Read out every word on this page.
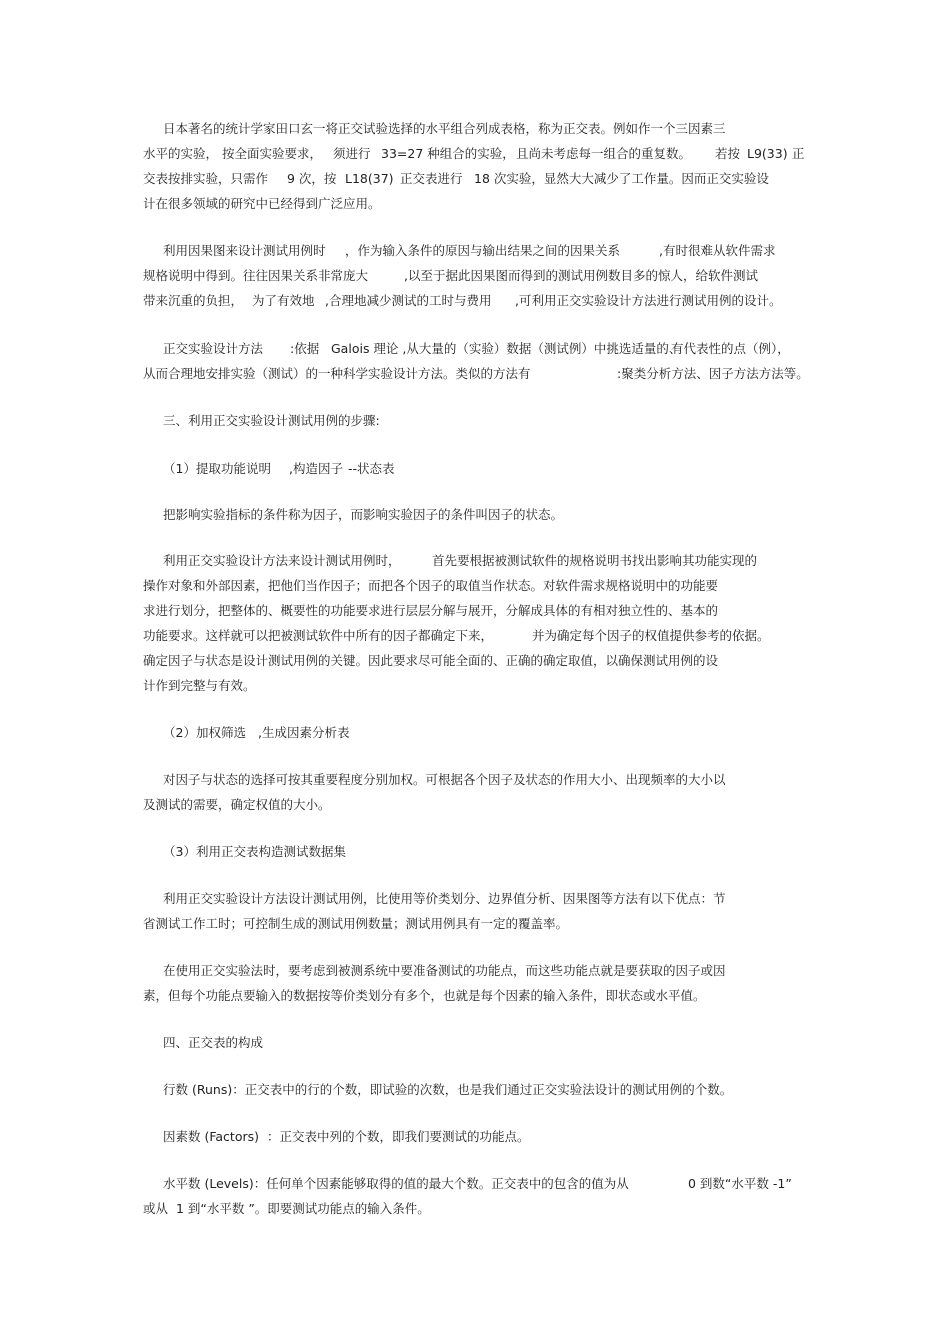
日本著名的统计学家田口玄一将正交试验选择的水平组合列成表格，称为正交表。例如作一个三因素三
水平的实验， 按全面实验要求， 须进行 33=27 种组合的实验， 且尚未考虑每一组合的重复数。 若按 L9(33) 正
交表按排实验，只需作 9 次，按 L18(37) 正交表进行 18 次实验，显然大大减少了工作量。因而正交实验设
计在很多领域的研究中已经得到广泛应用。
利用因果图来设计测试用例时 ，作为输入条件的原因与输出结果之间的因果关系	,有时很难从软件需求
规格说明中得到。往往因果关系非常庞大	,以至于据此因果图而得到的测试用例数目多的惊人，给软件测试
带来沉重的负担， 为了有效地 ,合理地减少测试的工时与费用 ,可利用正交实验设计方法进行测试用例的设计。
正交实验设计方法 :依据 Galois 理论 ,从大量的（实验）数据（测试例）中挑选适量的、
有代表性的点（例），
从而合理地安排实验（测试）的一种科学实验设计方法。类似的方法有	:聚类分析方法、因子方法方法等。
三、利用正交实验设计测试用例的步骤:
（1）提取功能说明 ,构造因子 --状态表
把影响实验指标的条件称为因子，而影响实验因子的条件叫因子的状态。
利用正交实验设计方法来设计测试用例时，	首先要根据被测试软件的规格说明书找出影响其功能实现的
操作对象和外部因素，把他们当作因子；而把各个因子的取值当作状态。对软件需求规格说明中的功能要
求进行划分，把整体的、概要性的功能要求进行层层分解与展开，分解成具体的有相对独立性的、基本的
功能要求。这样就可以把被测试软件中所有的因子都确定下来，	并为确定每个因子的权值提供参考的依据。
确定因子与状态是设计测试用例的关键。因此要求尽可能全面的、正确的确定取值，以确保测试用例的设
计作到完整与有效。
（2）加权筛选 ,生成因素分析表
对因子与状态的选择可按其重要程度分别加权。可根据各个因子及状态的作用大小、出现频率的大小以
及测试的需要，确定权值的大小。
（3）利用正交表构造测试数据集
利用正交实验设计方法设计测试用例，比使用等价类划分、边界值分析、因果图等方法有以下优点：节
省测试工作工时；可控制生成的测试用例数量；测试用例具有一定的覆盖率。
在使用正交实验法时，要考虑到被测系统中要准备测试的功能点，而这些功能点就是要获取的因子或因
素，但每个功能点要输入的数据按等价类划分有多个，也就是每个因素的输入条件，即状态或水平值。
四、正交表的构成
行数 (Runs)：正交表中的行的个数，即试验的次数，也是我们通过正交实验法设计的测试用例的个数。
因素数 (Factors) ：正交表中列的个数，即我们要测试的功能点。
水平数 (Levels)：任何单个因素能够取得的值的最大个数。正交表中的包含的值为从	0 到数“水平数 -1”
或从  1 到“水平数 ”。即要测试功能点的输入条件。
